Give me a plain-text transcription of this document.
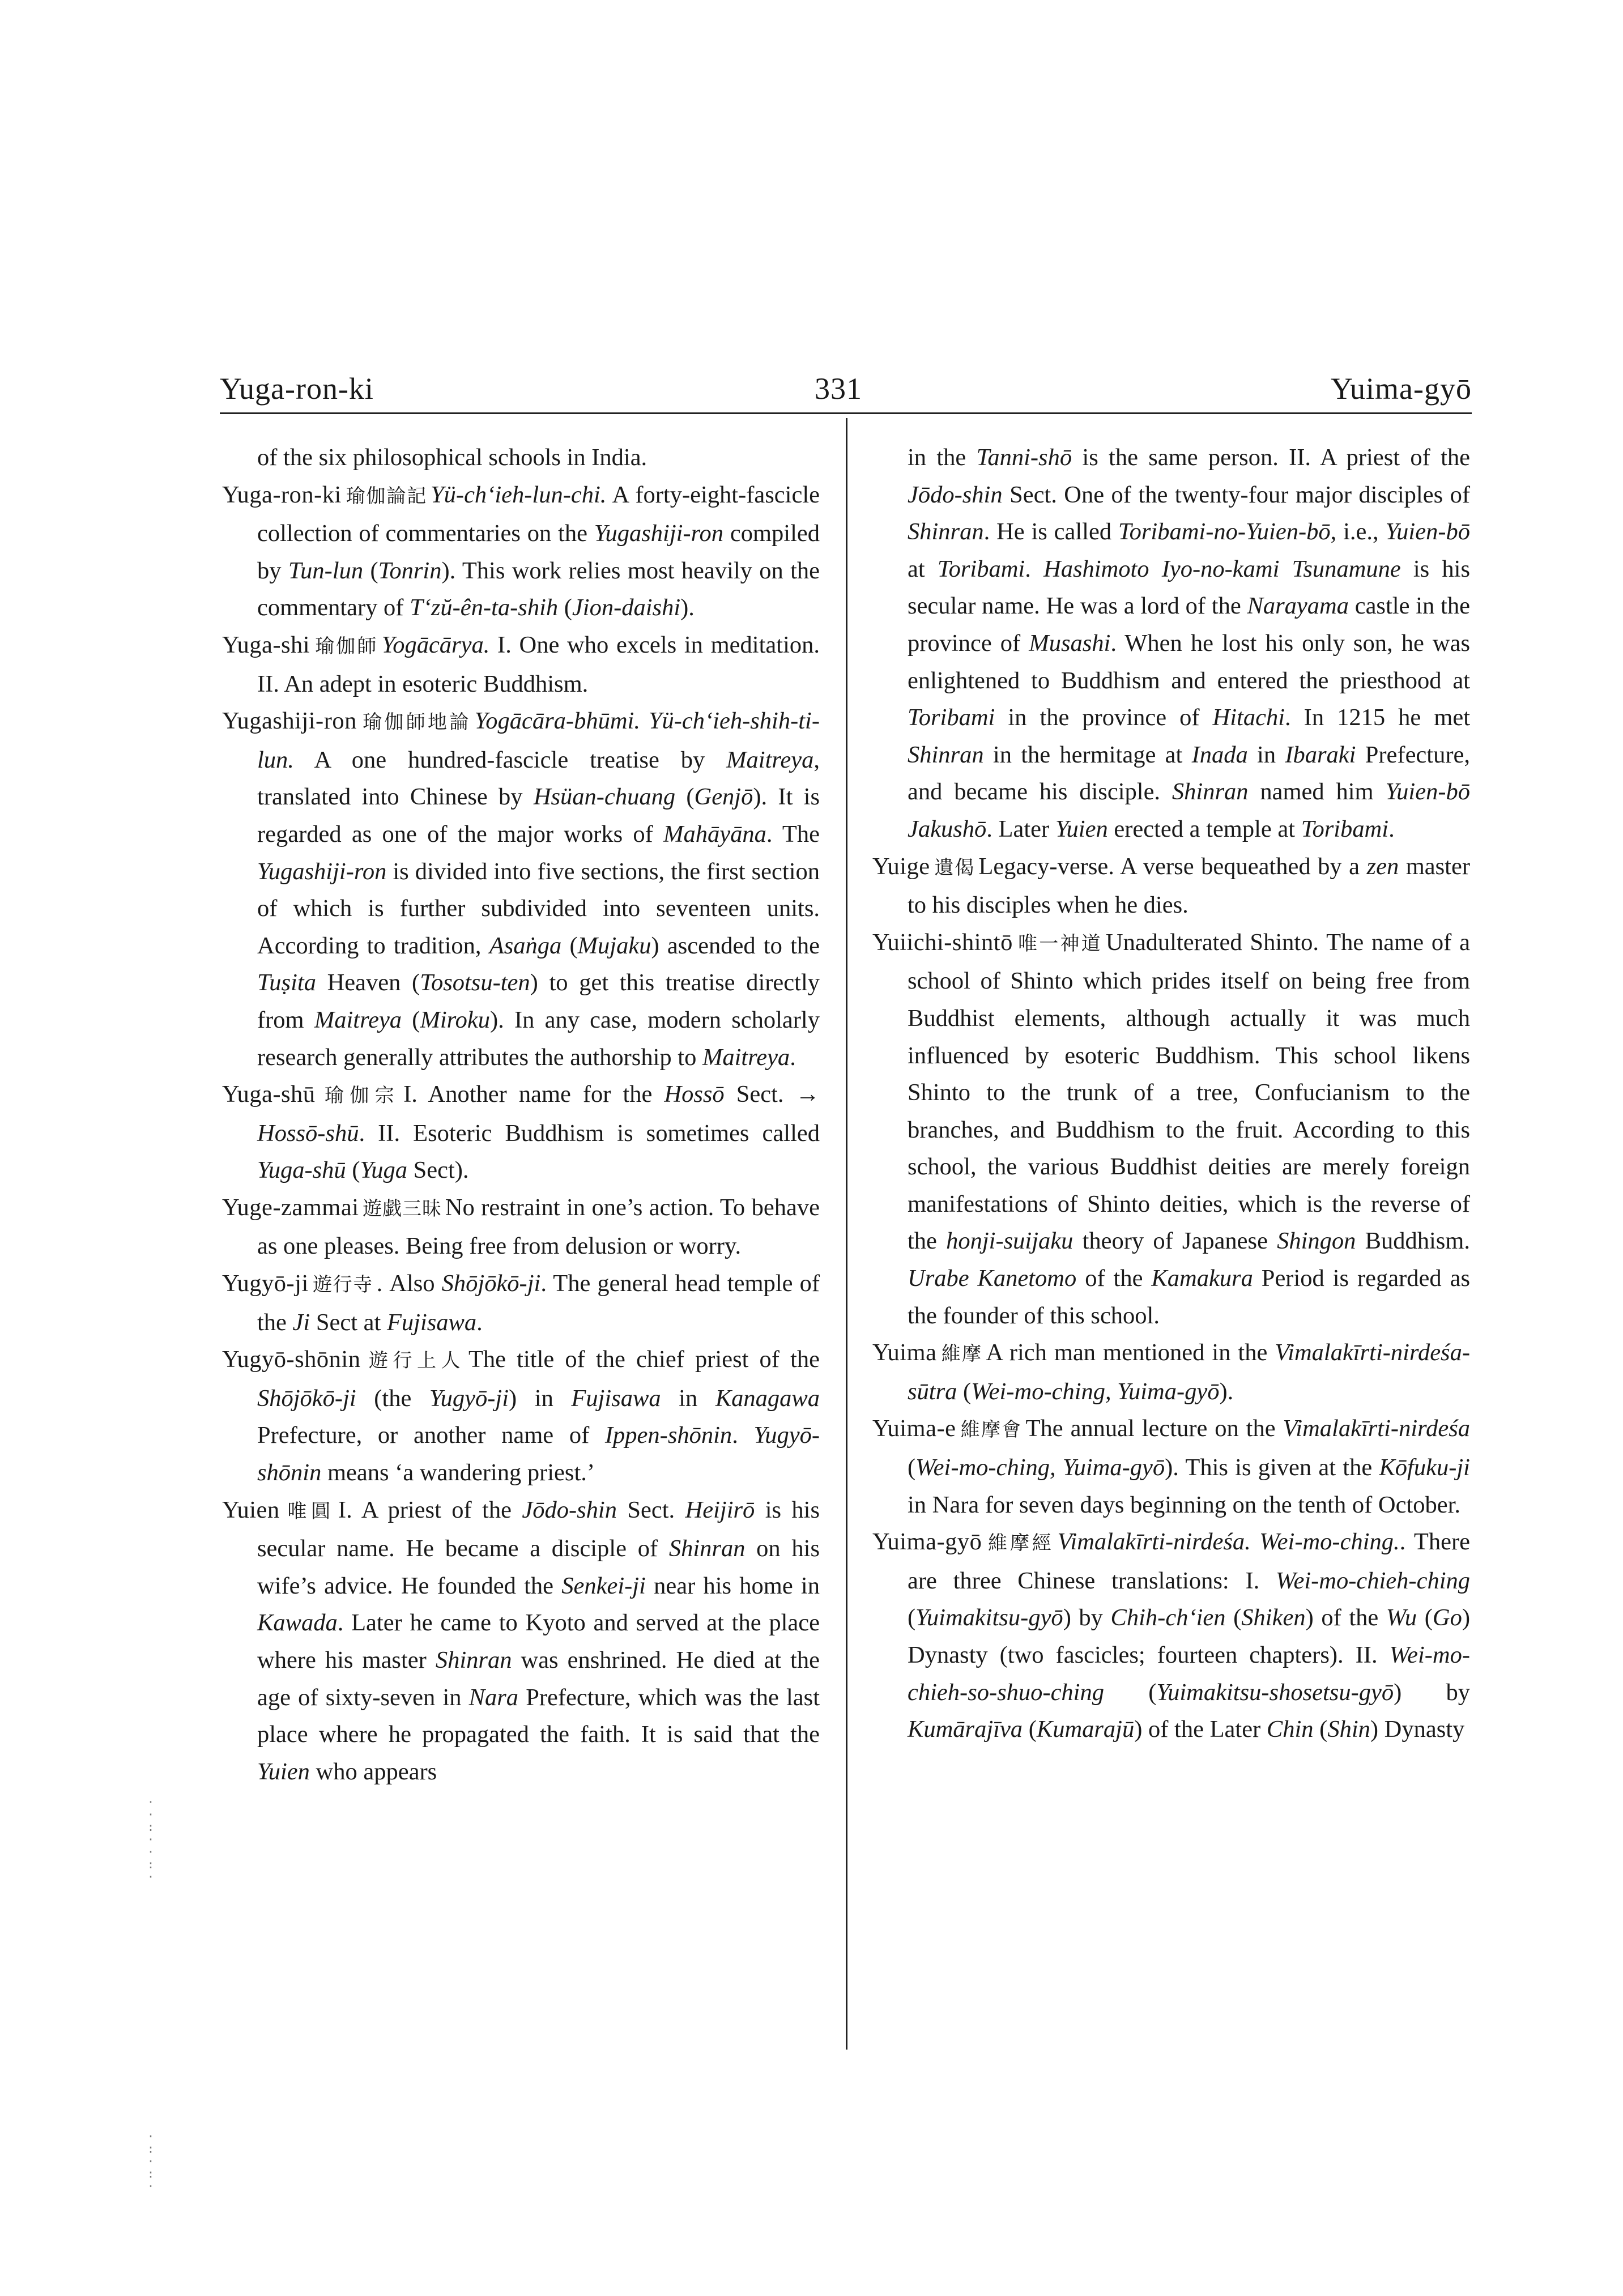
Yuga-ron-ki	331	Yuima-gyō

of the six philosophical schools in India.

Yuga-ron-ki 瑜伽論記 Yü-ch‘ieh-lun-chi. A forty-eight-fascicle collection of commentaries on the Yugashiji-ron compiled by Tun-lun (Tonrin). This work relies most heavily on the commentary of T‘zŭ-ên-ta-shih (Jion-daishi).

Yuga-shi 瑜伽師 Yogācārya. I. One who excels in meditation. II. An adept in esoteric Buddhism.

Yugashiji-ron 瑜伽師地論 Yogācāra-bhūmi. Yü-ch‘ieh-shih-ti-lun. A one hundred-fascicle treatise by Maitreya, translated into Chinese by Hsüan-chuang (Genjō). It is regarded as one of the major works of Mahāyāna. The Yugashiji-ron is divided into five sections, the first section of which is further subdivided into seventeen units. According to tradition, Asaṅga (Mujaku) ascended to the Tuṣita Heaven (Tosotsu-ten) to get this treatise directly from Maitreya (Miroku). In any case, modern scholarly research generally attributes the authorship to Maitreya.

Yuga-shū 瑜伽宗 I. Another name for the Hossō Sect. → Hossō-shū. II. Esoteric Buddhism is sometimes called Yuga-shū (Yuga Sect).

Yuge-zammai 遊戯三昧 No restraint in one’s action. To behave as one pleases. Being free from delusion or worry.

Yugyō-ji 遊行寺 . Also Shōjōkō-ji. The general head temple of the Ji Sect at Fujisawa.

Yugyō-shōnin 遊行上人 The title of the chief priest of the Shōjōkō-ji (the Yugyō-ji) in Fujisawa in Kanagawa Prefecture, or another name of Ippen-shōnin. Yugyō-shōnin means ‘a wandering priest.’

Yuien 唯圓 I. A priest of the Jōdo-shin Sect. Heijirō is his secular name. He became a disciple of Shinran on his wife’s advice. He founded the Senkei-ji near his home in Kawada. Later he came to Kyoto and served at the place where his master Shinran was enshrined. He died at the age of sixty-seven in Nara Prefecture, which was the last place where he propagated the faith. It is said that the Yuien who appears

in the Tanni-shō is the same person. II. A priest of the Jōdo-shin Sect. One of the twenty-four major disciples of Shinran. He is called Toribami-no-Yuien-bō, i.e., Yuien-bō at Toribami. Hashimoto Iyo-no-kami Tsunamune is his secular name. He was a lord of the Narayama castle in the province of Musashi. When he lost his only son, he was enlightened to Buddhism and entered the priesthood at Toribami in the province of Hitachi. In 1215 he met Shinran in the hermitage at Inada in Ibaraki Prefecture, and became his disciple. Shinran named him Yuien-bō Jakushō. Later Yuien erected a temple at Toribami.

Yuige 遺偈 Legacy-verse. A verse bequeathed by a zen master to his disciples when he dies.

Yuiichi-shintō 唯一神道 Unadulterated Shinto. The name of a school of Shinto which prides itself on being free from Buddhist elements, although actually it was much influenced by esoteric Buddhism. This school likens Shinto to the trunk of a tree, Confucianism to the branches, and Buddhism to the fruit. According to this school, the various Buddhist deities are merely foreign manifestations of Shinto deities, which is the reverse of the honji-suijaku theory of Japanese Shingon Buddhism. Urabe Kanetomo of the Kamakura Period is regarded as the founder of this school.

Yuima 維摩 A rich man mentioned in the Vimalakīrti-nirdeśa-sūtra (Wei-mo-ching, Yuima-gyō).

Yuima-e 維摩會 The annual lecture on the Vimalakīrti-nirdeśa (Wei-mo-ching, Yuima-gyō). This is given at the Kōfuku-ji in Nara for seven days beginning on the tenth of October.

Yuima-gyō 維摩經 Vimalakīrti-nirdeśa. Wei-mo-ching.. There are three Chinese translations: I. Wei-mo-chieh-ching (Yuimakitsu-gyō) by Chih-ch‘ien (Shiken) of the Wu (Go) Dynasty (two fascicles; fourteen chapters). II. Wei-mo-chieh-so-shuo-ching (Yuimakitsu-shosetsu-gyō) by Kumārajīva (Kumarajū) of the Later Chin (Shin) Dynasty

·
·
:
·
·
:
·
·
:
·
:
·
